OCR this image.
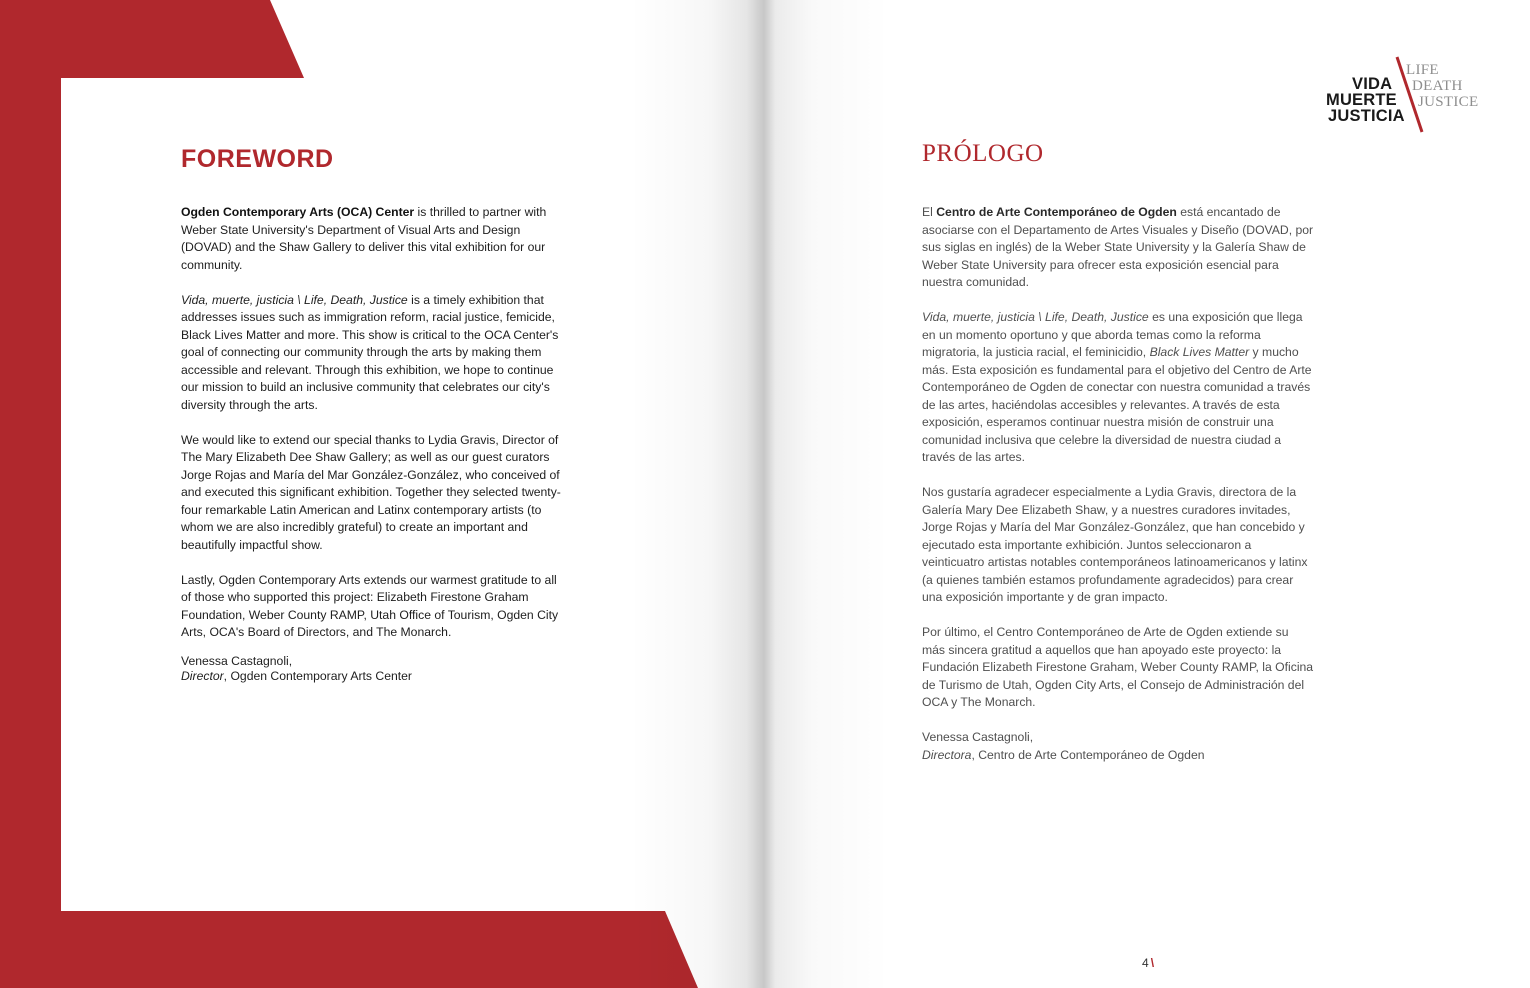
FOREWORD

Ogden Contemporary Arts (OCA) Center is thrilled to partner with Weber State University's Department of Visual Arts and Design (DOVAD) and the Shaw Gallery to deliver this vital exhibition for our community.

Vida, muerte, justicia \ Life, Death, Justice is a timely exhibition that addresses issues such as immigration reform, racial justice, femicide, Black Lives Matter and more. This show is critical to the OCA Center's goal of connecting our community through the arts by making them accessible and relevant. Through this exhibition, we hope to continue our mission to build an inclusive community that celebrates our city's diversity through the arts.

We would like to extend our special thanks to Lydia Gravis, Director of The Mary Elizabeth Dee Shaw Gallery; as well as our guest curators Jorge Rojas and María del Mar González-González, who conceived of and executed this significant exhibition. Together they selected twenty-four remarkable Latin American and Latinx contemporary artists (to whom we are also incredibly grateful) to create an important and beautifully impactful show.

Lastly, Ogden Contemporary Arts extends our warmest gratitude to all of those who supported this project: Elizabeth Firestone Graham Foundation, Weber County RAMP, Utah Office of Tourism, Ogden City Arts, OCA's Board of Directors, and The Monarch.

Venessa Castagnoli,
Director, Ogden Contemporary Arts Center
VIDA
MUERTE
JUSTICIA
LIFE
DEATH
JUSTICE
PRÓLOGO

El Centro de Arte Contemporáneo de Ogden está encantado de asociarse con el Departamento de Artes Visuales y Diseño (DOVAD, por sus siglas en inglés) de la Weber State University y la Galería Shaw de Weber State University para ofrecer esta exposición esencial para nuestra comunidad.

Vida, muerte, justicia \ Life, Death, Justice es una exposición que llega en un momento oportuno y que aborda temas como la reforma migratoria, la justicia racial, el feminicidio, Black Lives Matter y mucho más. Esta exposición es fundamental para el objetivo del Centro de Arte Contemporáneo de Ogden de conectar con nuestra comunidad a través de las artes, haciéndolas accesibles y relevantes. A través de esta exposición, esperamos continuar nuestra misión de construir una comunidad inclusiva que celebre la diversidad de nuestra ciudad a través de las artes.

Nos gustaría agradecer especialmente a Lydia Gravis, directora de la Galería Mary Dee Elizabeth Shaw, y a nuestres curadores invitades, Jorge Rojas y María del Mar González-González, que han concebido y ejecutado esta importante exhibición. Juntos seleccionaron a veinticuatro artistas notables contemporáneos latinoamericanos y latinx (a quienes también estamos profundamente agradecidos) para crear una exposición importante y de gran impacto.

Por último, el Centro Contemporáneo de Arte de Ogden extiende su más sincera gratitud a aquellos que han apoyado este proyecto: la Fundación Elizabeth Firestone Graham, Weber County RAMP, la Oficina de Turismo de Utah, Ogden City Arts, el Consejo de Administración del OCA y The Monarch.

Venessa Castagnoli,
Directora, Centro de Arte Contemporáneo de Ogden
4 \
